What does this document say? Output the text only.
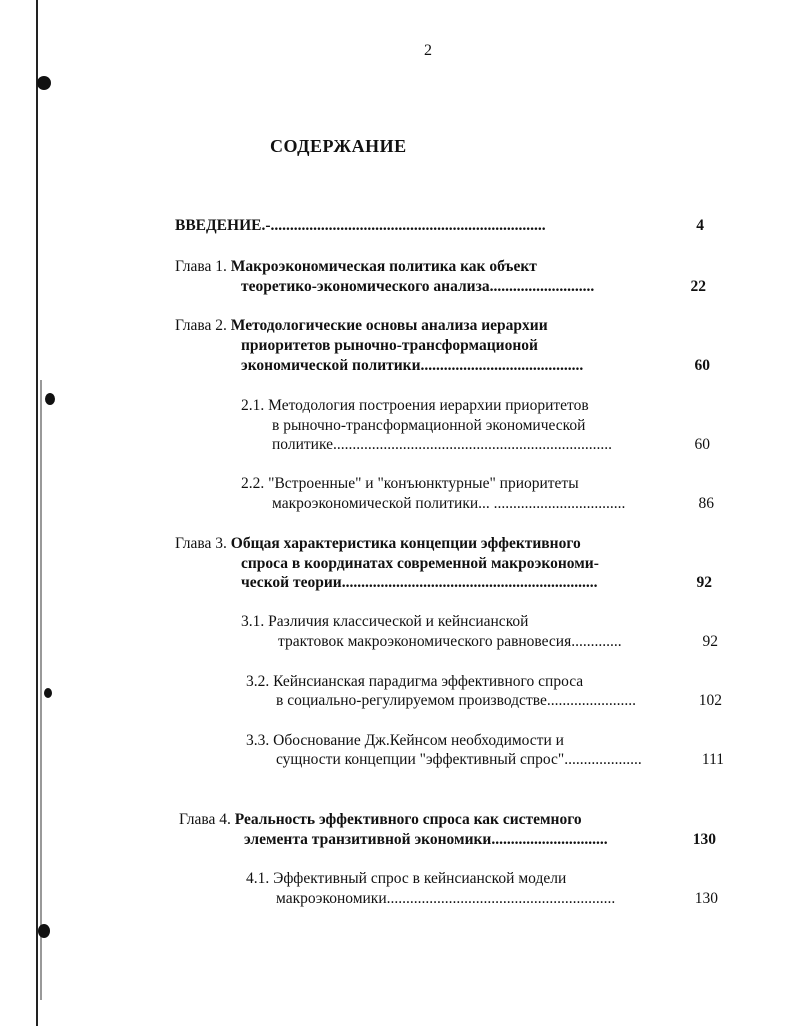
2
СОДЕРЖАНИЕ
ВВЕДЕНИЕ.-.......................................................................	4
Глава 1. Макроэкономическая политика как объект
теоретико-экономического анализа...........................	22
Глава 2. Методологические основы анализа иерархии
приоритетов рыночно-трансформационой
экономической политики..........................................	60
2.1. Методология построения иерархии приоритетов
в рыночно-трансформационной экономической
политике........................................................................	60
2.2. "Встроенные" и "конъюнктурные" приоритеты
макроэкономической политики... ..................................	86
Глава 3. Общая характеристика концепции эффективного
спроса в координатах современной макроэкономи-
ческой теории..................................................................	92
3.1. Различия классической и кейнсианской
трактовок макроэкономического равновесия.............	92
3.2. Кейнсианская парадигма эффективного спроса
в социально-регулируемом производстве.......................	102
3.3. Обоснование Дж.Кейнсом необходимости и
сущности концепции "эффективный спрос"....................	111
Глава 4. Реальность эффективного спроса как системного
элемента транзитивной экономики..............................	130
4.1. Эффективный спрос в кейнсианской модели
макроэкономики...........................................................	130
